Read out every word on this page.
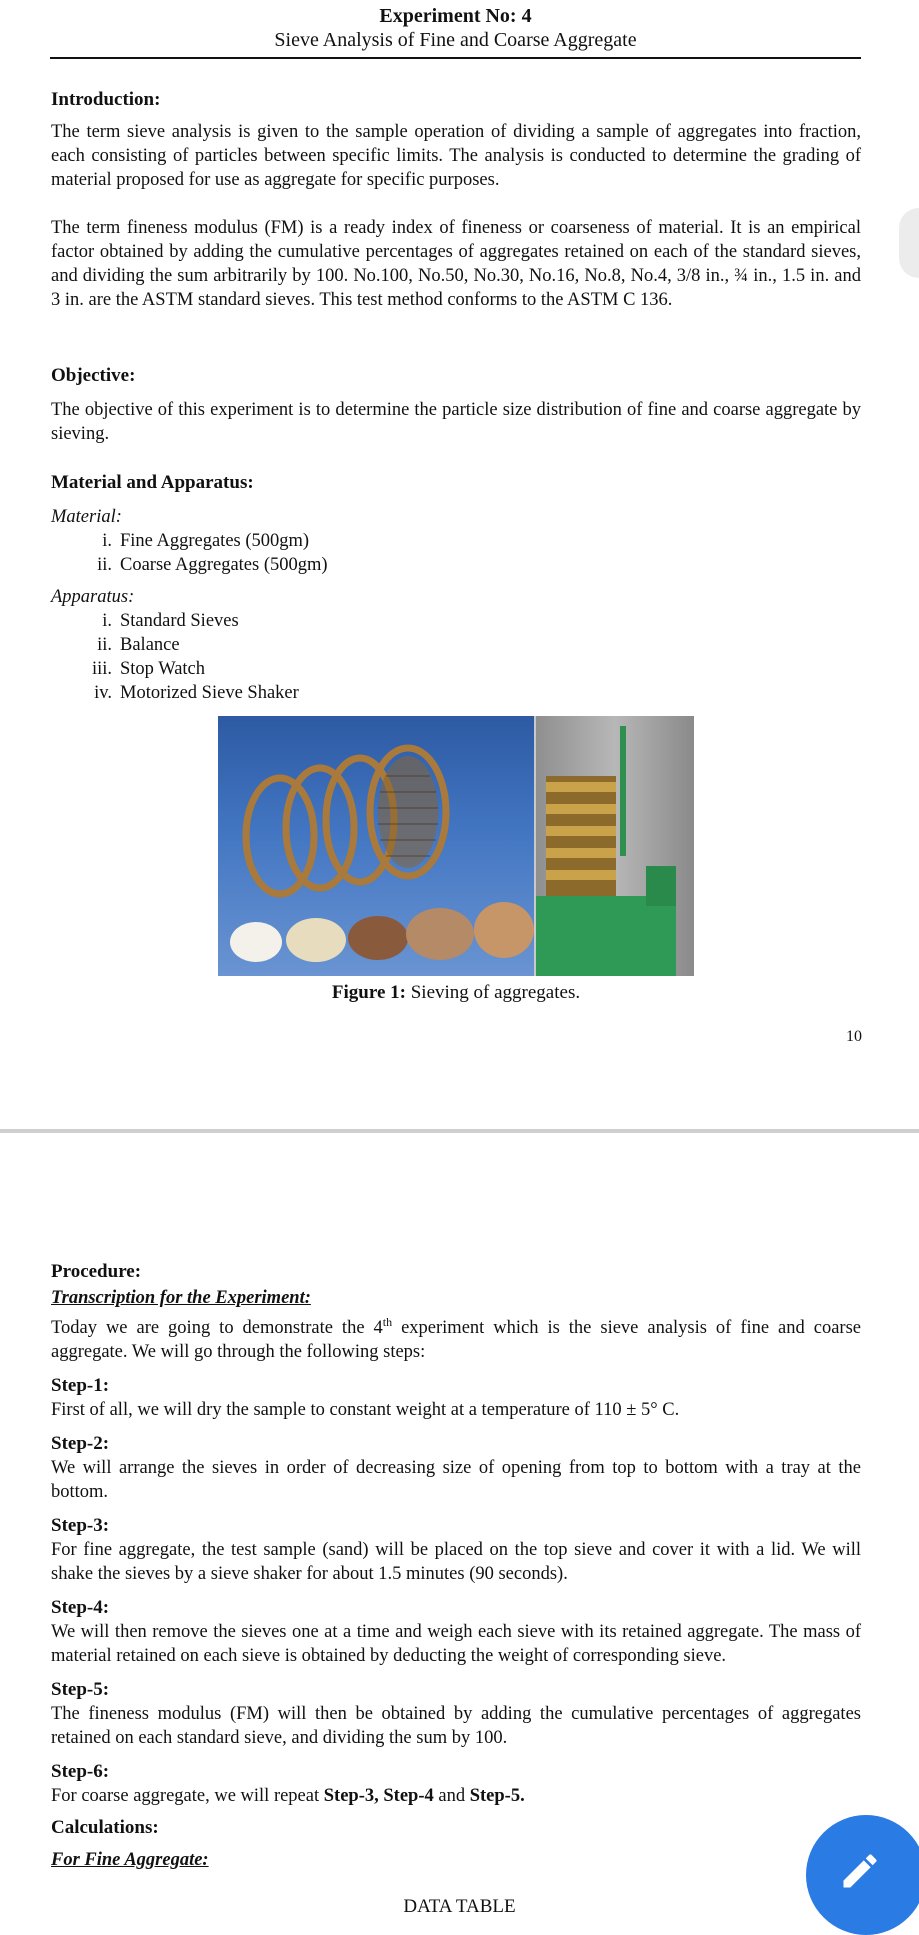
Experiment No: 4
Sieve Analysis of Fine and Coarse Aggregate
Introduction:

The term sieve analysis is given to the sample operation of dividing a sample of aggregates into fraction, each consisting of particles between specific limits. The analysis is conducted to determine the grading of material proposed for use as aggregate for specific purposes.

The term fineness modulus (FM) is a ready index of fineness or coarseness of material. It is an empirical factor obtained by adding the cumulative percentages of aggregates retained on each of the standard sieves, and dividing the sum arbitrarily by 100. No.100, No.50, No.30, No.16, No.8, No.4, 3/8 in., ¾ in., 1.5 in. and 3 in. are the ASTM standard sieves. This test method conforms to the ASTM C 136.

Objective:

The objective of this experiment is to determine the particle size distribution of fine and coarse aggregate by sieving.

Material and Apparatus:
Material:
i. Fine Aggregates (500gm)
ii. Coarse Aggregates (500gm)
Apparatus:
i. Standard Sieves
ii. Balance
iii. Stop Watch
iv. Motorized Sieve Shaker
Figure 1: Sieving of aggregates.
10
Procedure:
Transcription for the Experiment:

Today we are going to demonstrate the 4th experiment which is the sieve analysis of fine and coarse aggregate. We will go through the following steps:

Step-1:

First of all, we will dry the sample to constant weight at a temperature of 110 ± 5° C.

Step-2:

We will arrange the sieves in order of decreasing size of opening from top to bottom with a tray at the bottom.

Step-3:

For fine aggregate, the test sample (sand) will be placed on the top sieve and cover it with a lid. We will shake the sieves by a sieve shaker for about 1.5 minutes (90 seconds).

Step-4:

We will then remove the sieves one at a time and weigh each sieve with its retained aggregate. The mass of material retained on each sieve is obtained by deducting the weight of corresponding sieve.

Step-5:

The fineness modulus (FM) will then be obtained by adding the cumulative percentages of aggregates retained on each standard sieve, and dividing the sum by 100.

Step-6:

For coarse aggregate, we will repeat Step-3, Step-4 and Step-5.

Calculations:
For Fine Aggregate:
DATA TABLE
